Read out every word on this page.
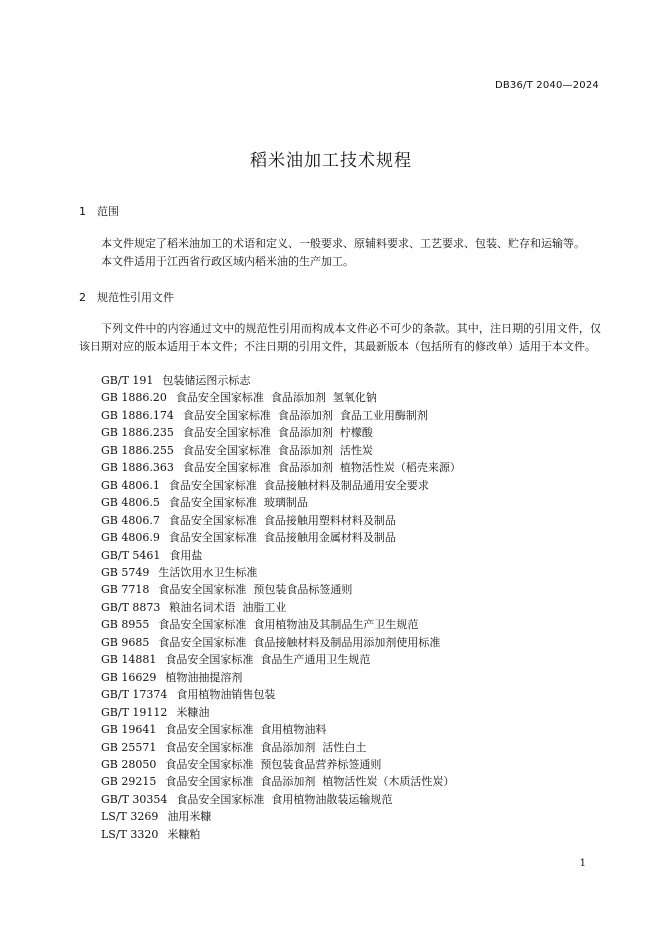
DB36/T 2040—2024
稻米油加工技术规程
1 范围

本文件规定了稻米油加工的术语和定义、一般要求、原辅料要求、工艺要求、包装、贮存和运输等。

本文件适用于江西省行政区域内稻米油的生产加工。

2 规范性引用文件

下列文件中的内容通过文中的规范性引用而构成本文件必不可少的条款。其中，注日期的引用文件，仅该日期对应的版本适用于本文件；不注日期的引用文件，其最新版本（包括所有的修改单）适用于本文件。

GB/T 191 包装储运图示标志
GB 1886.20 食品安全国家标准  食品添加剂  氢氧化钠
GB 1886.174 食品安全国家标准  食品添加剂  食品工业用酶制剂
GB 1886.235 食品安全国家标准  食品添加剂  柠檬酸
GB 1886.255 食品安全国家标准  食品添加剂  活性炭
GB 1886.363 食品安全国家标准  食品添加剂  植物活性炭（稻壳来源）
GB 4806.1 食品安全国家标准  食品接触材料及制品通用安全要求
GB 4806.5 食品安全国家标准  玻璃制品
GB 4806.7 食品安全国家标准  食品接触用塑料材料及制品
GB 4806.9 食品安全国家标准  食品接触用金属材料及制品
GB/T 5461 食用盐
GB 5749 生活饮用水卫生标准
GB 7718 食品安全国家标准  预包装食品标签通则
GB/T 8873 粮油名词术语  油脂工业
GB 8955 食品安全国家标准  食用植物油及其制品生产卫生规范
GB 9685 食品安全国家标准  食品接触材料及制品用添加剂使用标准
GB 14881 食品安全国家标准  食品生产通用卫生规范
GB 16629 植物油抽提溶剂
GB/T 17374 食用植物油销售包装
GB/T 19112 米糠油
GB 19641 食品安全国家标准  食用植物油料
GB 25571 食品安全国家标准  食品添加剂  活性白土
GB 28050 食品安全国家标准  预包装食品营养标签通则
GB 29215 食品安全国家标准  食品添加剂  植物活性炭（木质活性炭）
GB/T 30354 食品安全国家标准  食用植物油散装运输规范
LS/T 3269 油用米糠
LS/T 3320 米糠粕
1
